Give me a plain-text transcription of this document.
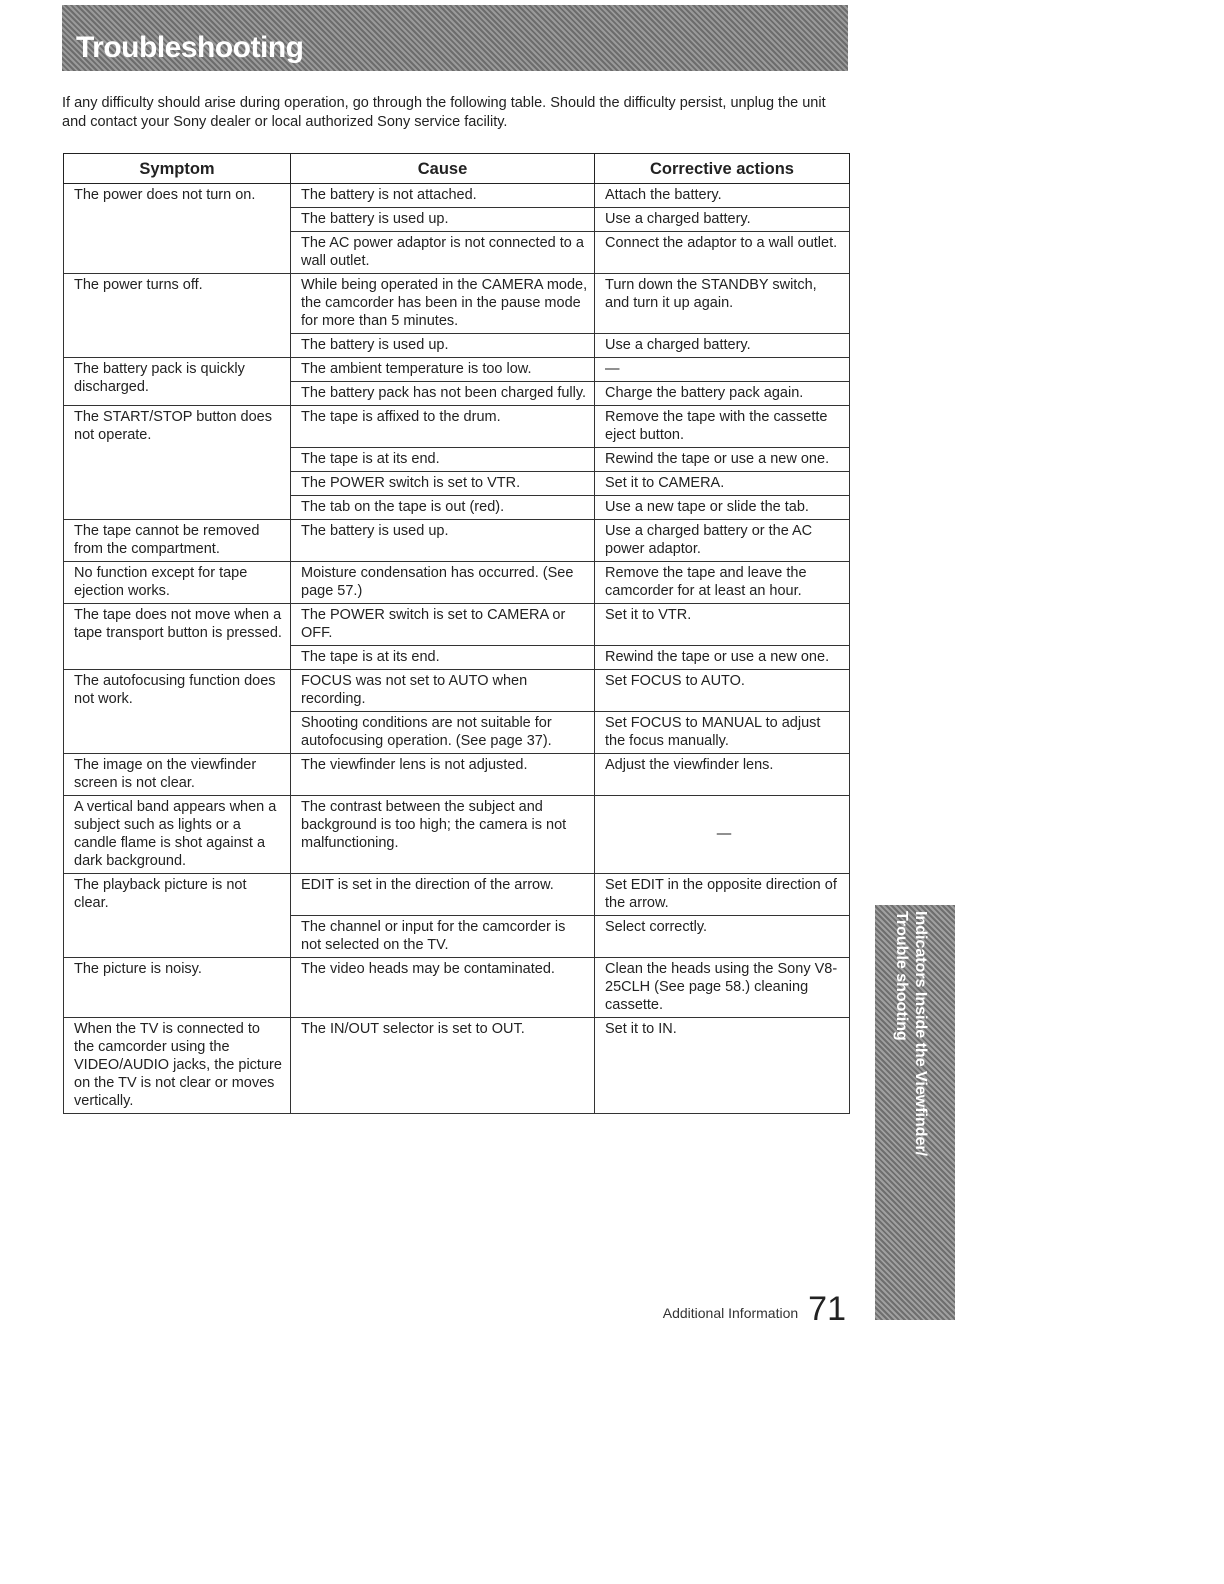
Troubleshooting

If any difficulty should arise during operation, go through the following table. Should the difficulty persist, unplug the unit and contact your Sony dealer or local authorized Sony service facility.

Symptom	Cause	Corrective actions
The power does not turn on.	The battery is not attached.	Attach the battery.
	The battery is used up.	Use a charged battery.
	The AC power adaptor is not connected to a wall outlet.	Connect the adaptor to a wall outlet.
The power turns off.	While being operated in the CAMERA mode, the camcorder has been in the pause mode for more than 5 minutes.	Turn down the STANDBY switch, and turn it up again.
	The battery is used up.	Use a charged battery.
The battery pack is quickly discharged.	The ambient temperature is too low.	—
	The battery pack has not been charged fully.	Charge the battery pack again.
The START/STOP button does not operate.	The tape is affixed to the drum.	Remove the tape with the cassette eject button.
	The tape is at its end.	Rewind the tape or use a new one.
	The POWER switch is set to VTR.	Set it to CAMERA.
	The tab on the tape is out (red).	Use a new tape or slide the tab.
The tape cannot be removed from the compartment.	The battery is used up.	Use a charged battery or the AC power adaptor.
No function except for tape ejection works.	Moisture condensation has occurred. (See page 57.)	Remove the tape and leave the camcorder for at least an hour.
The tape does not move when a tape transport button is pressed.	The POWER switch is set to CAMERA or OFF.	Set it to VTR.
	The tape is at its end.	Rewind the tape or use a new one.
The autofocusing function does not work.	FOCUS was not set to AUTO when recording.	Set FOCUS to AUTO.
	Shooting conditions are not suitable for autofocusing operation. (See page 37).	Set FOCUS to MANUAL to adjust the focus manually.
The image on the viewfinder screen is not clear.	The viewfinder lens is not adjusted.	Adjust the viewfinder lens.
A vertical band appears when a subject such as lights or a candle flame is shot against a dark background.	The contrast between the subject and background is too high; the camera is not malfunctioning.	—
The playback picture is not clear.	EDIT is set in the direction of the arrow.	Set EDIT in the opposite direction of the arrow.
	The channel or input for the camcorder is not selected on the TV.	Select correctly.
The picture is noisy.	The video heads may be contaminated.	Clean the heads using the Sony V8-25CLH (See page 58.) cleaning cassette.
When the TV is connected to the camcorder using the VIDEO/AUDIO jacks, the picture on the TV is not clear or moves vertically.	The IN/OUT selector is set to OUT.	Set it to IN.	Indicators Inside the Viewfinder/
Trouble shooting
Additional Information 71
